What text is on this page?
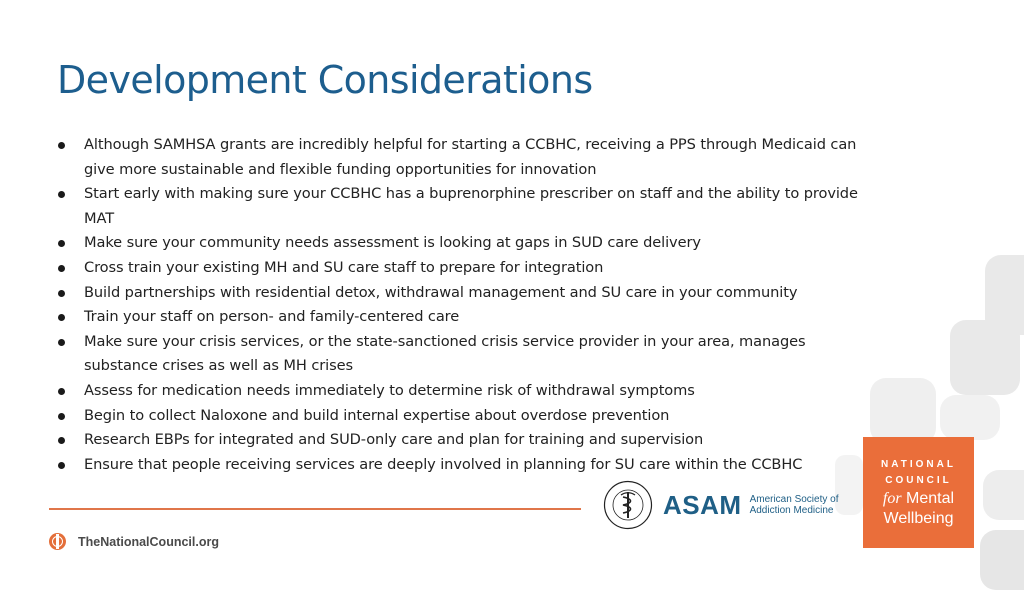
Development Considerations
Although SAMHSA grants are incredibly helpful for starting a CCBHC, receiving a PPS through Medicaid can give more sustainable and flexible funding opportunities for innovation
Start early with making sure your CCBHC has a buprenorphine prescriber on staff and the ability to provide MAT
Make sure your community needs assessment is looking at gaps in SUD care delivery
Cross train your existing MH and SU care staff to prepare for integration
Build partnerships with residential detox, withdrawal management and SU care in your community
Train your staff on person- and family-centered care
Make sure your crisis services, or the state-sanctioned crisis service provider in your area, manages substance crises as well as MH crises
Assess for medication needs immediately to determine risk of withdrawal symptoms
Begin to collect Naloxone and build internal expertise about overdose prevention
Research EBPs for integrated and SUD-only care and plan for training and supervision
Ensure that people receiving services are deeply involved in planning for SU care within the CCBHC
TheNationalCouncil.org
ASAM American Society of
Addiction Medicine
NATIONAL
COUNCIL
for Mental
Wellbeing
